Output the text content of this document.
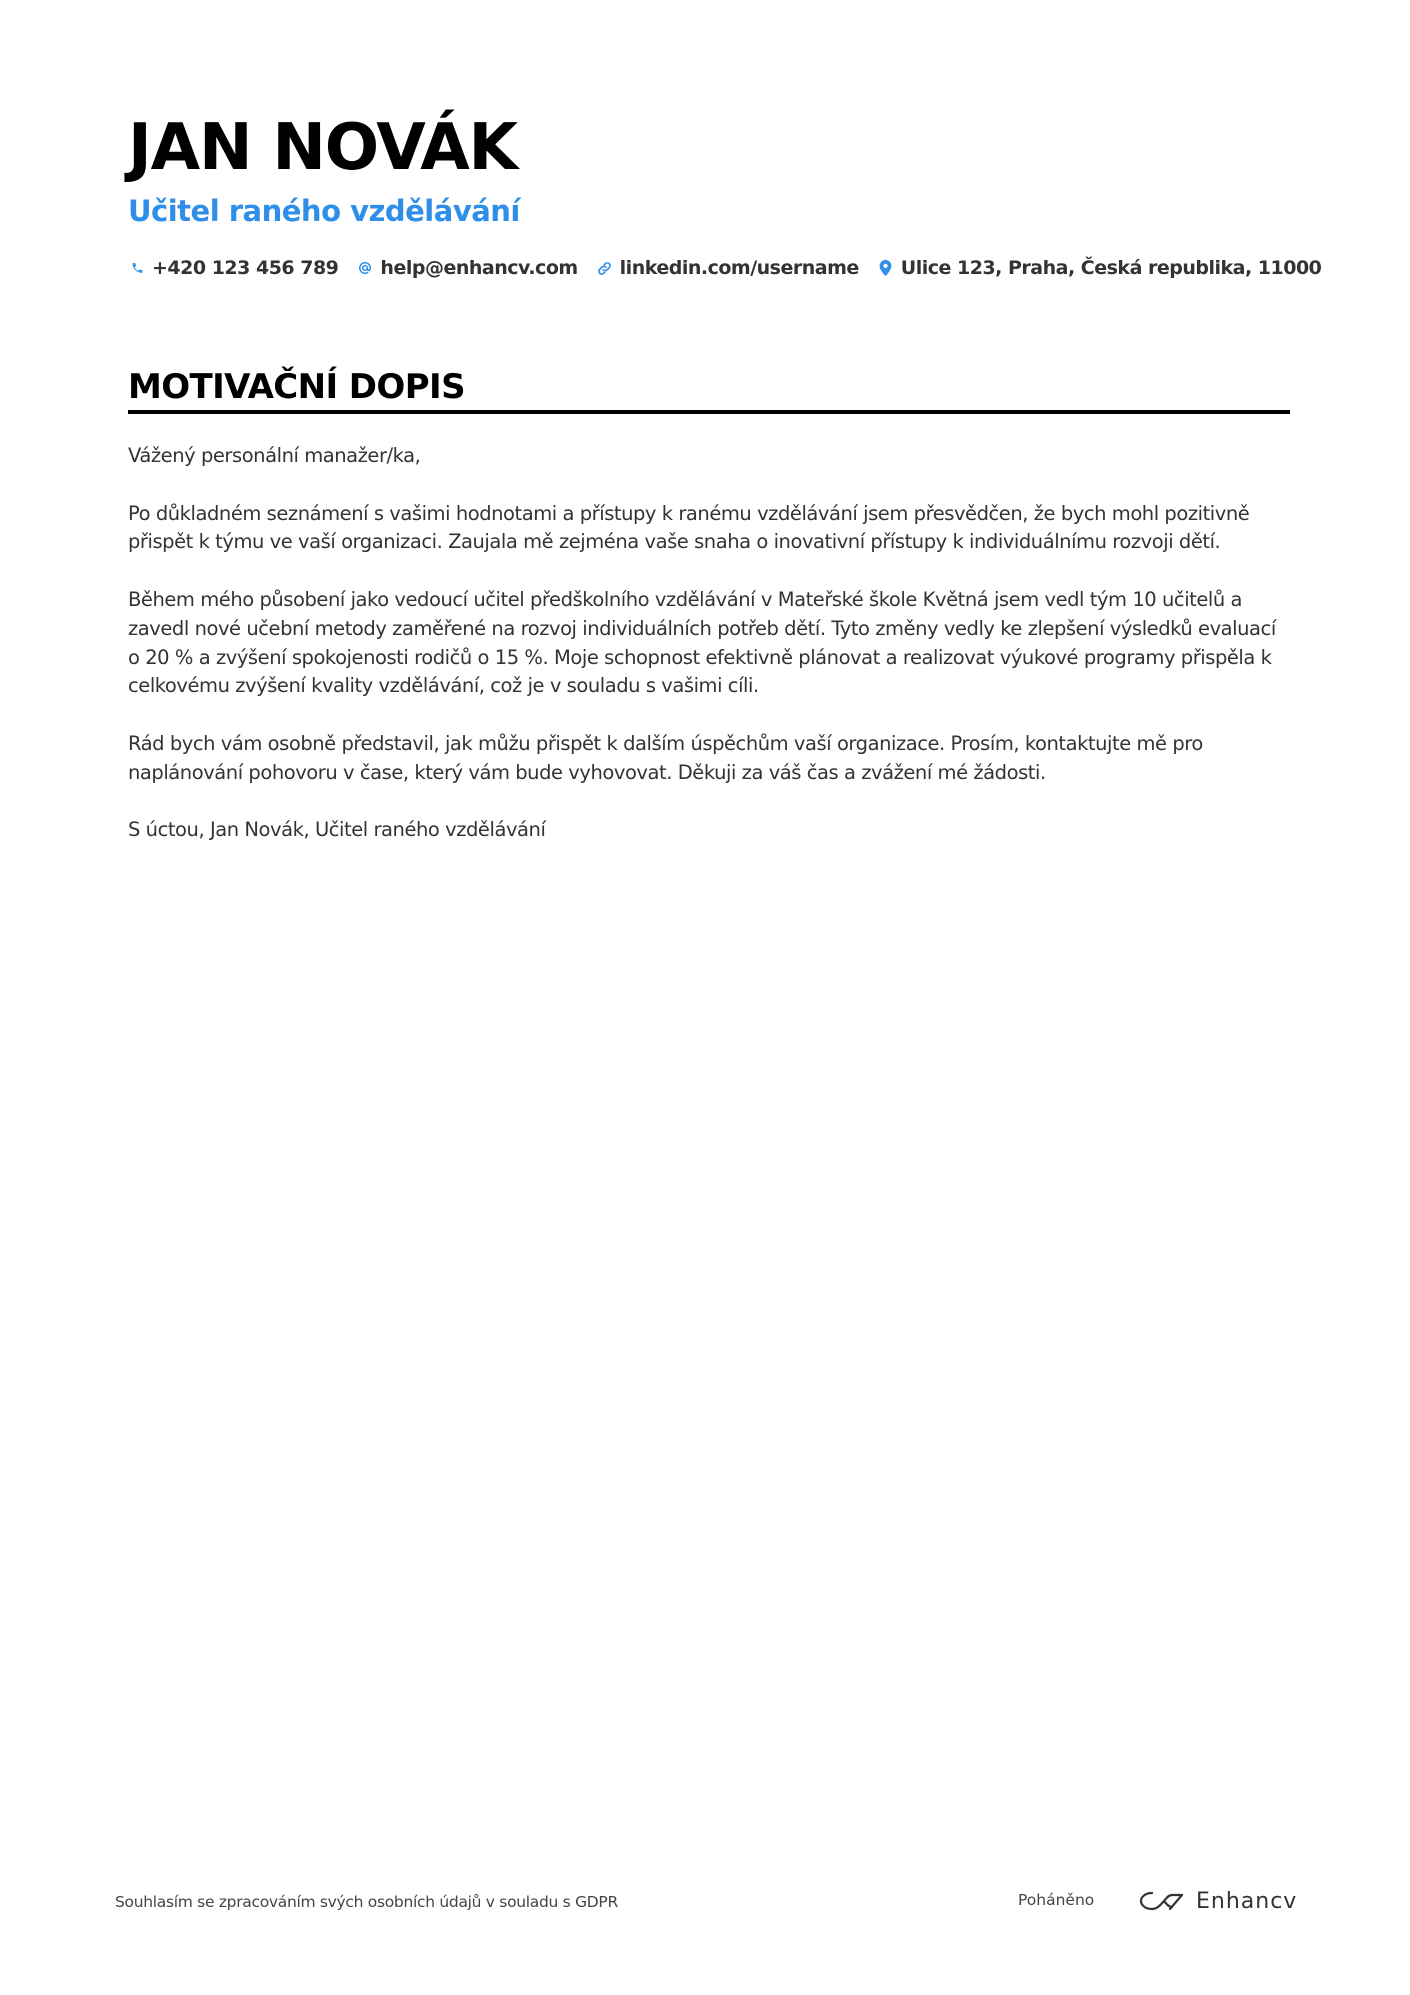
JAN NOVÁK
Učitel raného vzdělávání
+420 123 456 789 help@enhancv.com linkedin.com/username Ulice 123, Praha, Česká republika, 11000
MOTIVAČNÍ DOPIS

Vážený personální manažer/ka,

Po důkladném seznámení s vašimi hodnotami a přístupy k ranému vzdělávání jsem přesvědčen, že bych mohl pozitivně přispět k týmu ve vaší organizaci. Zaujala mě zejména vaše snaha o inovativní přístupy k individuálnímu rozvoji dětí.

Během mého působení jako vedoucí učitel předškolního vzdělávání v Mateřské škole Květná jsem vedl tým 10 učitelů a zavedl nové učební metody zaměřené na rozvoj individuálních potřeb dětí. Tyto změny vedly ke zlepšení výsledků evaluací o 20 % a zvýšení spokojenosti rodičů o 15 %. Moje schopnost efektivně plánovat a realizovat výukové programy přispěla k celkovému zvýšení kvality vzdělávání, což je v souladu s vašimi cíli.

Rád bych vám osobně představil, jak můžu přispět k dalším úspěchům vaší organizace. Prosím, kontaktujte mě pro naplánování pohovoru v čase, který vám bude vyhovovat. Děkuji za váš čas a zvážení mé žádosti.

S úctou, Jan Novák, Učitel raného vzdělávání

Souhlasím se zpracováním svých osobních údajů v souladu s GDPR	Poháněno	Enhancv
